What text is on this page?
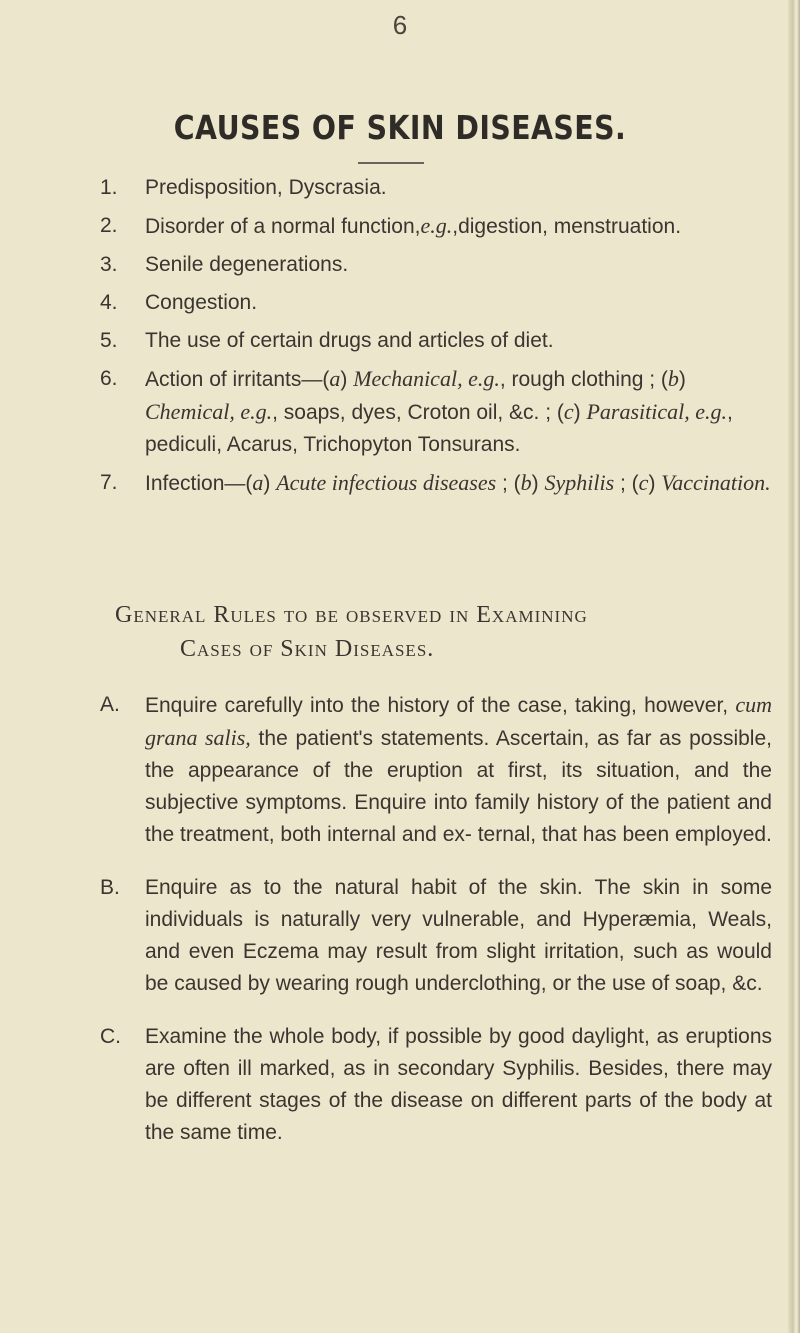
6
CAUSES OF SKIN DISEASES.

1. Predisposition, Dyscrasia.

2. Disorder of a normal function,e.g.,digestion, menstruation.

3. Senile degenerations.

4. Congestion.

5. The use of certain drugs and articles of diet.

6. Action of irritants—(a) Mechanical, e.g., rough clothing ; (b) Chemical, e.g., soaps, dyes, Croton oil, &c. ; (c) Parasitical, e.g., pediculi, Acarus, Trichopyton Tonsurans.

7. Infection—(a) Acute infectious diseases ; (b) Syphilis ; (c) Vaccination.

General Rules to be observed in Examining
Cases of Skin Diseases.

A. Enquire carefully into the history of the case, taking, however, cum grana salis, the patient's statements. Ascertain, as far as possible, the appearance of the eruption at first, its situation, and the subjective symptoms. Enquire into family history of the patient and the treatment, both internal and ex- ternal, that has been employed.

B. Enquire as to the natural habit of the skin. The skin in some individuals is naturally very vulnerable, and Hyperæmia, Weals, and even Eczema may result from slight irritation, such as would be caused by wearing rough underclothing, or the use of soap, &c.

C. Examine the whole body, if possible by good daylight, as eruptions are often ill marked, as in secondary Syphilis. Besides, there may be different stages of the disease on different parts of the body at the same time.
